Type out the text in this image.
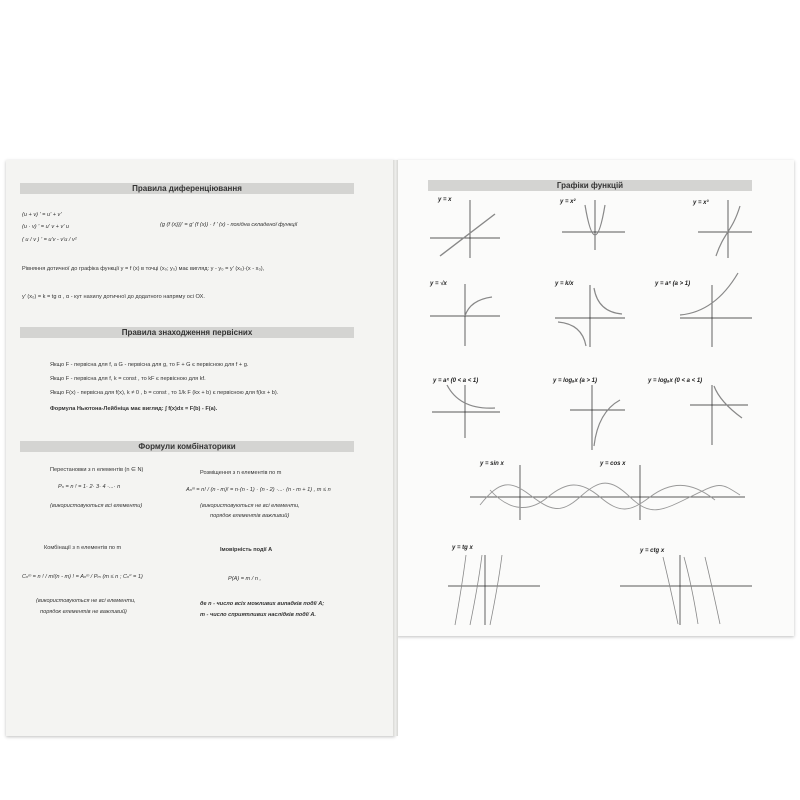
Правила диференціювання
(u + v) ' = u' + v'
(u · v) ' = u' v + v' u
( u / v ) ' = u'v - v'u / v²
(g (f (x)))' = g' (f (x)) · f ' (x) - похідна складеної функції
Рівняння дотичної до графіка функції y = f (x) в точці (x₀; y₀) має вигляд: y - y₀ = y' (x₀)·(x - x₀),
y' (x₀) = k = tg α , α - кут нахилу дотичної до додатного напряму осі ОХ.
Правила знаходження первісних
Якщо F - первісна для f, а G - первісна для g, то F + G є первісною для f + g.
Якщо F - первісна для f, k = const , то kF є первісною для kf.
Якщо F(x) - первісна для f(x), k ≠ 0 , b = const , то 1/k F (kx + b) є первісною для f(kx + b).
Формула Ньютона-Лейбніца має вигляд: ∫ f(x)dx = F(b) - F(a).
Формули комбінаторики
Перестановки з n елементів (n ∈ N)
Pₙ = n ! = 1· 2· 3· 4 ·...· n
(використовуються всі елементи)
Розміщення з n елементів по m
Aₙᵐ = n! / (n - m)! = n·(n - 1) · (n - 2) ·...· (n - m + 1) , m ≤ n
(використовуються не всі елементи,
порядок елементів важливий)
Комбінації з n елементів по m
Cₙᵐ = n ! / m!(n - m) ! = Aₙᵐ / Pₘ (m ≤ n ; Cₙ⁰ = 1)
(використовуються не всі елементи,
порядок елементів не важливий)
Імовірність події А
P(A) = m / n ,
де n - число всіх можливих випадків події А;
m - число сприятливих наслідків події А.
Графіки функцій
y = x	y = x²	y = x³
y = √x	y = k/x	y = aˣ (a > 1)
y = aˣ (0 < a < 1)	y = logₐx (a > 1)	y = logₐx (0 < a < 1)
y = sin x	y = cos x
y = tg x	y = ctg x
